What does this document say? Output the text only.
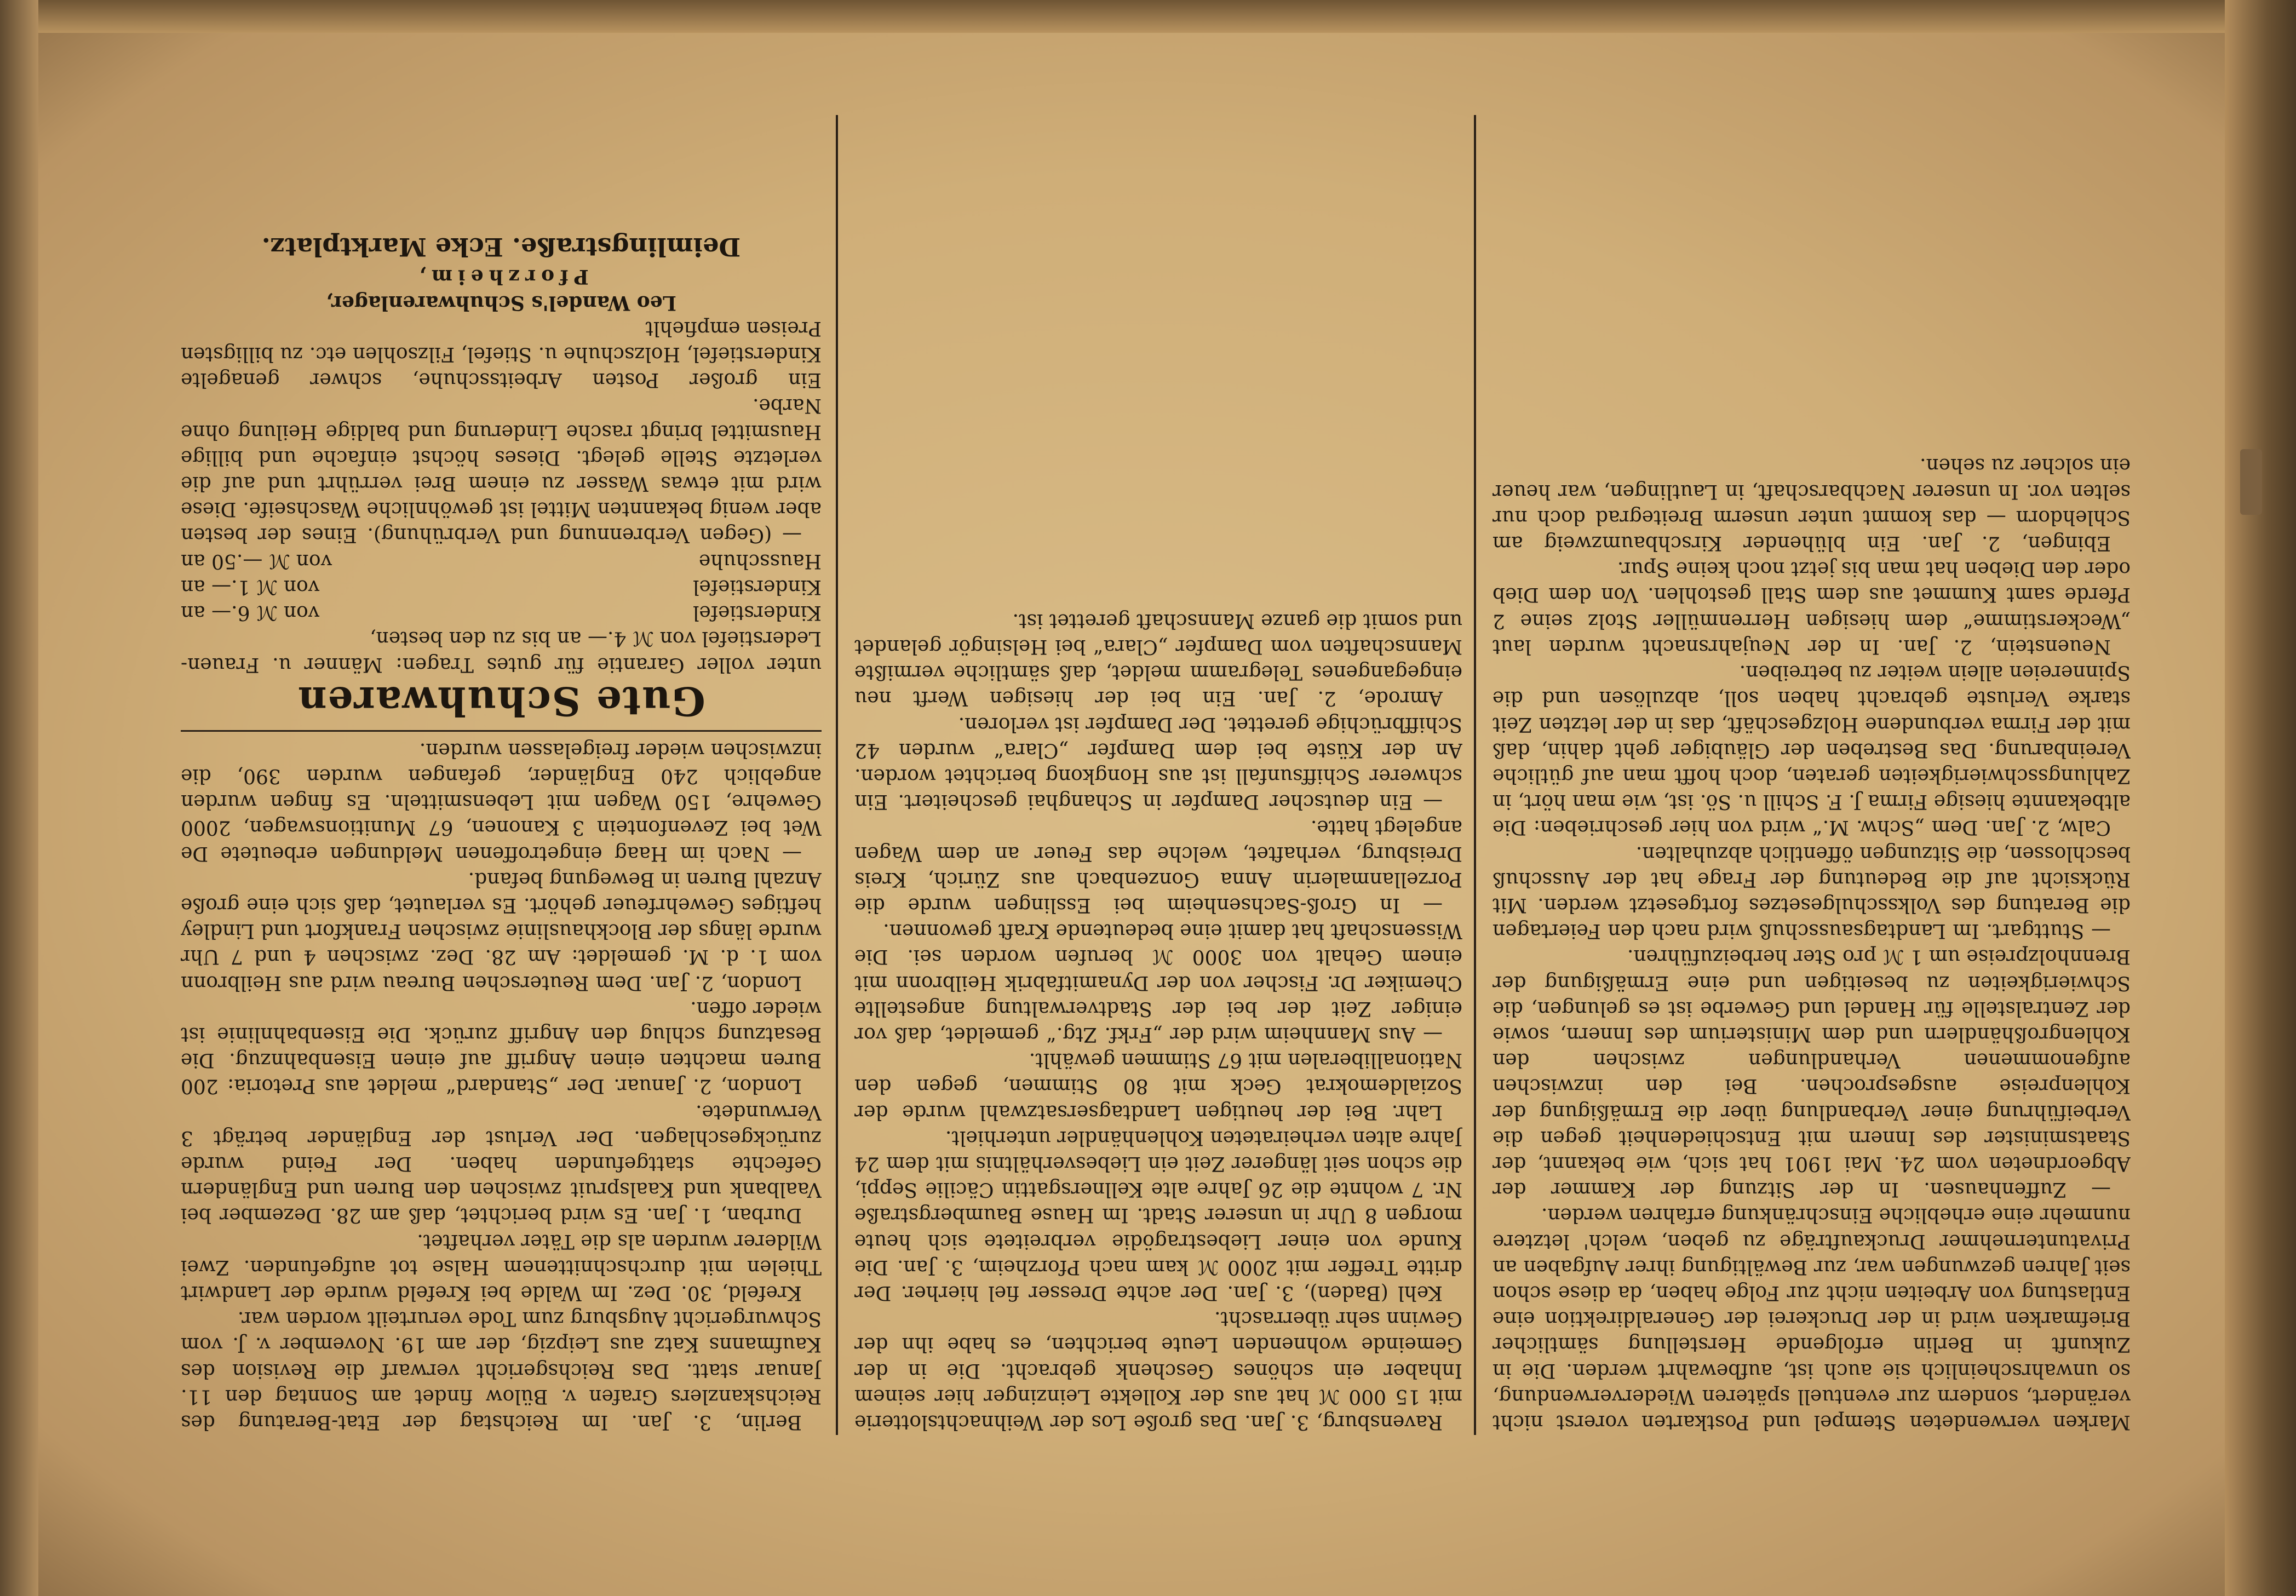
Marken verwendeten Stempel und Postkarten vorerst nicht verändert, sondern zur eventuell späteren Wiederverwendung, so unwahrscheinlich sie auch ist, aufbewahrt werden. Die in Zukunft in Berlin erfolgende Herstellung sämtlicher Briefmarken wird in der Druckerei der Generaldirektion eine Entlastung von Arbeiten nicht zur Folge haben, da diese schon seit Jahren gezwungen war, zur Bewältigung ihrer Aufgaben an Privatunternehmer Druckaufträge zu geben, welch' letztere nunmehr eine erhebliche Einschränkung erfahren werden.

— Zuffenhausen. In der Sitzung der Kammer der Abgeordneten vom 24. Mai 1901 hat sich, wie bekannt, der Staatsminister des Innern mit Entschiedenheit gegen die Verbeiführung einer Verbandlung über die Ermäßigung der Kohlenpreise ausgesprochen. Bei den inzwischen aufgenommenen Verhandlungen zwischen den Kohlengroßhändlern und dem Ministerium des Innern, sowie der Zentralstelle für Handel und Gewerbe ist es gelungen, die Schwierigkeiten zu beseitigen und eine Ermäßigung der Brennholzpreise um 1 ℳ pro Ster herbeizuführen.

— Stuttgart. Im Landtagsausschuß wird nach den Feiertagen die Beratung des Volksschulgesetzes fortgesetzt werden. Mit Rücksicht auf die Bedeutung der Frage hat der Ausschuß beschlossen, die Sitzungen öffentlich abzuhalten.

Calw, 2. Jan. Dem „Schw. M.“ wird von hier geschrieben: Die altbekannte hiesige Firma J. F. Schill u. Sö. ist, wie man hört, in Zahlungsschwierigkeiten geraten, doch hofft man auf gütliche Vereinbarung. Das Bestreben der Gläubiger geht dahin, daß mit der Firma verbundene Holzgeschäft, das in der letzten Zeit starke Verluste gebracht haben soll, abzulösen und die Spinnereien allein weiter zu betreiben.

Neuenstein, 2. Jan. In der Neujahrsnacht wurden laut „Weckerstimme“ dem hiesigen Herrenmüller Stolz seine 2 Pferde samt Kummet aus dem Stall gestohlen. Von dem Dieb oder den Dieben hat man bis jetzt noch keine Spur.

Ebingen, 2. Jan. Ein blühender Kirschbaumzweig am Schlehdorn — das kommt unter unserm Breitegrad doch nur selten vor. In unserer Nachbarschaft, in Lautlingen, war heuer ein solcher zu sehen.

Ravensburg, 3. Jan. Das große Los der Weihnachtslotterie mit 15 000 ℳ hat aus der Kollekte Leinzinger hier seinem Inhaber ein schönes Geschenk gebracht. Die in der Gemeinde wohnenden Leute berichten, es habe ihn der Gewinn sehr überrascht.

Kehl (Baden), 3. Jan. Der achte Dresser fiel hierher. Der dritte Treffer mit 2000 ℳ kam nach Pforzheim, 3. Jan. Die Kunde von einer Liebestragödie verbreitete sich heute morgen 8 Uhr in unserer Stadt. Im Hause Baumbergstraße Nr. 7 wohnte die 26 Jahre alte Kellnersgattin Cäcilie Seppi, die schon seit längerer Zeit ein Liebesverhältnis mit dem 24 Jahre alten verheirateten Kohlenhändler unterhielt.

Lahr. Bei der heutigen Landtagsersatzwahl wurde der Sozialdemokrat Geck mit 80 Stimmen, gegen den Nationalliberalen mit 67 Stimmen gewählt.

— Aus Mannheim wird der „Frkf. Ztg.“ gemeldet, daß vor einiger Zeit der bei der Stadtverwaltung angestellte Chemiker Dr. Fischer von der Dynamitfabrik Heilbronn mit einem Gehalt von 3000 ℳ berufen worden sei. Die Wissenschaft hat damit eine bedeutende Kraft gewonnen.

— In Groß-Sachsenheim bei Esslingen wurde die Porzellanmalerin Anna Gonzenbach aus Zürich, Kreis Dreisburg, verhaftet, welche das Feuer an dem Wagen angelegt hatte.

— Ein deutscher Dampfer in Schanghai gescheitert. Ein schwerer Schiffsunfall ist aus Hongkong berichtet worden. An der Küste bei dem Dampfer „Clara“ wurden 42 Schiffbrüchige gerettet. Der Dampfer ist verloren.

Amrode, 2. Jan. Ein bei der hiesigen Werft neu eingegangenes Telegramm meldet, daß sämtliche vermißte Mannschaften vom Dampfer „Clara“ bei Helsingör gelandet und somit die ganze Mannschaft gerettet ist.

Berlin, 3. Jan. Im Reichstag der Etat-Beratung des Reichskanzlers Grafen v. Bülow findet am Sonntag den 11. Januar statt. Das Reichsgericht verwarf die Revision des Kaufmanns Katz aus Leipzig, der am 19. November v. J. vom Schwurgericht Augsburg zum Tode verurteilt worden war.

Krefeld, 30. Dez. Im Walde bei Krefeld wurde der Landwirt Thielen mit durchschnittenem Halse tot aufgefunden. Zwei Wilderer wurden als die Täter verhaftet.

Durban, 1. Jan. Es wird berichtet, daß am 28. Dezember bei Vaalbank und Kaalspruit zwischen den Buren und Engländern Gefechte stattgefunden haben. Der Feind wurde zurückgeschlagen. Der Verlust der Engländer beträgt 3 Verwundete.

London, 2. Januar. Der „Standard“ meldet aus Pretoria: 200 Buren machten einen Angriff auf einen Eisenbahnzug. Die Besatzung schlug den Angriff zurück. Die Eisenbahnlinie ist wieder offen.

London, 2. Jan. Dem Reuterschen Bureau wird aus Heilbronn vom 1. d. M. gemeldet: Am 28. Dez. zwischen 4 und 7 Uhr wurde längs der Blockhauslinie zwischen Frankfort und Lindley heftiges Gewehrfeuer gehört. Es verlautet, daß sich eine große Anzahl Buren in Bewegung befand.

— Nach im Haag eingetroffenen Meldungen erbeutete De Wet bei Zevenfontein 3 Kanonen, 67 Munitionswagen, 2000 Gewehre, 150 Wagen mit Lebensmitteln. Es fingen wurden angeblich 240 Engländer, gefangen wurden 390, die inzwischen wieder freigelassen wurden.

Gute Schuhwaren

unter voller Garantie für gutes Tragen: Männer u. Frauen-Lederstiefel von ℳ 4.— an bis zu den besten,

Kinderstiefel	von ℳ 6.— an
Kinderstiefel	von ℳ 1.— an
Hausschuhe	von ℳ —.50 an

— (Gegen Verbrennung und Verbrühung). Eines der besten aber wenig bekannten Mittel ist gewöhnliche Waschseife. Diese wird mit etwas Wasser zu einem Brei verrührt und auf die verletzte Stelle gelegt. Dieses höchst einfache und billige Hausmittel bringt rasche Linderung und baldige Heilung ohne Narbe.

Ein großer Posten Arbeitsschuhe, schwer genagelte Kinderstiefel, Holzschuhe u. Stiefel, Filzsohlen etc. zu billigsten Preisen empfiehlt

Leo Wandel's Schuhwarenlager,
Pforzheim,
Deimlingstraße. Ecke Marktplatz.
